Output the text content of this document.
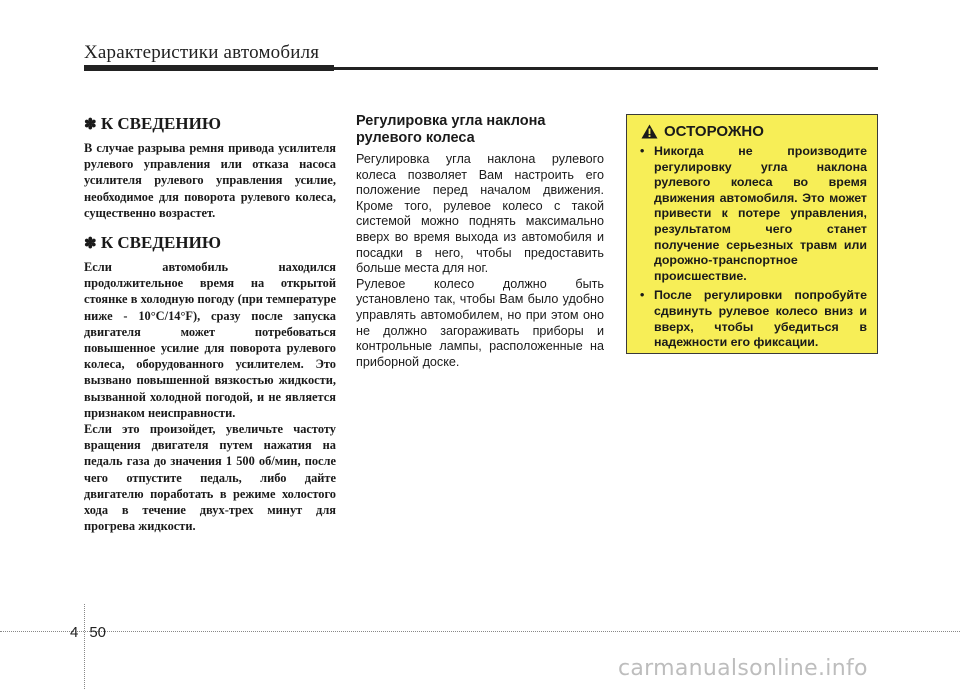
Характеристики автомобиля
✽ К СВЕДЕНИЮ

В случае разрыва ремня привода усилителя рулевого управления или отказа насоса усилителя рулевого управления усилие, необходимое для поворота рулевого колеса, существенно возрастет.

✽ К СВЕДЕНИЮ

Если автомобиль находился продолжительное время на открытой стоянке в холодную погоду (при температуре ниже - 10°C/14°F), сразу после запуска двигателя может потребоваться повышенное усилие для поворота рулевого колеса, оборудованного усилителем. Это вызвано повышенной вязкостью жидкости, вызванной холодной погодой, и не является признаком неисправности.

Если это произойдет, увеличьте частоту вращения двигателя путем нажатия на педаль газа до значения 1 500 об/мин, после чего отпустите педаль, либо дайте двигателю поработать в режиме холостого хода в течение двух-трех минут для прогрева жидкости.

Регулировка угла наклона рулевого колеса

Регулировка угла наклона рулевого колеса позволяет Вам настроить его положение перед началом движения. Кроме того, рулевое колесо с такой системой можно поднять максимально вверх во время выхода из автомобиля и посадки в него, чтобы предоставить больше места для ног.

Рулевое колесо должно быть установлено так, чтобы Вам было удобно управлять автомобилем, но при этом оно не должно загораживать приборы и контрольные лампы, расположенные на приборной доске.

ОСТОРОЖНО
• Никогда не производите регулировку угла наклона рулевого колеса во время движения автомобиля. Это может привести к потере управления, результатом чего станет получение серьезных травм или дорожно-транспортное происшествие.
• После регулировки попробуйте сдвинуть рулевое колесо вниз и вверх, чтобы убедиться в надежности его фиксации.
4 50
carmanualsonline.info
